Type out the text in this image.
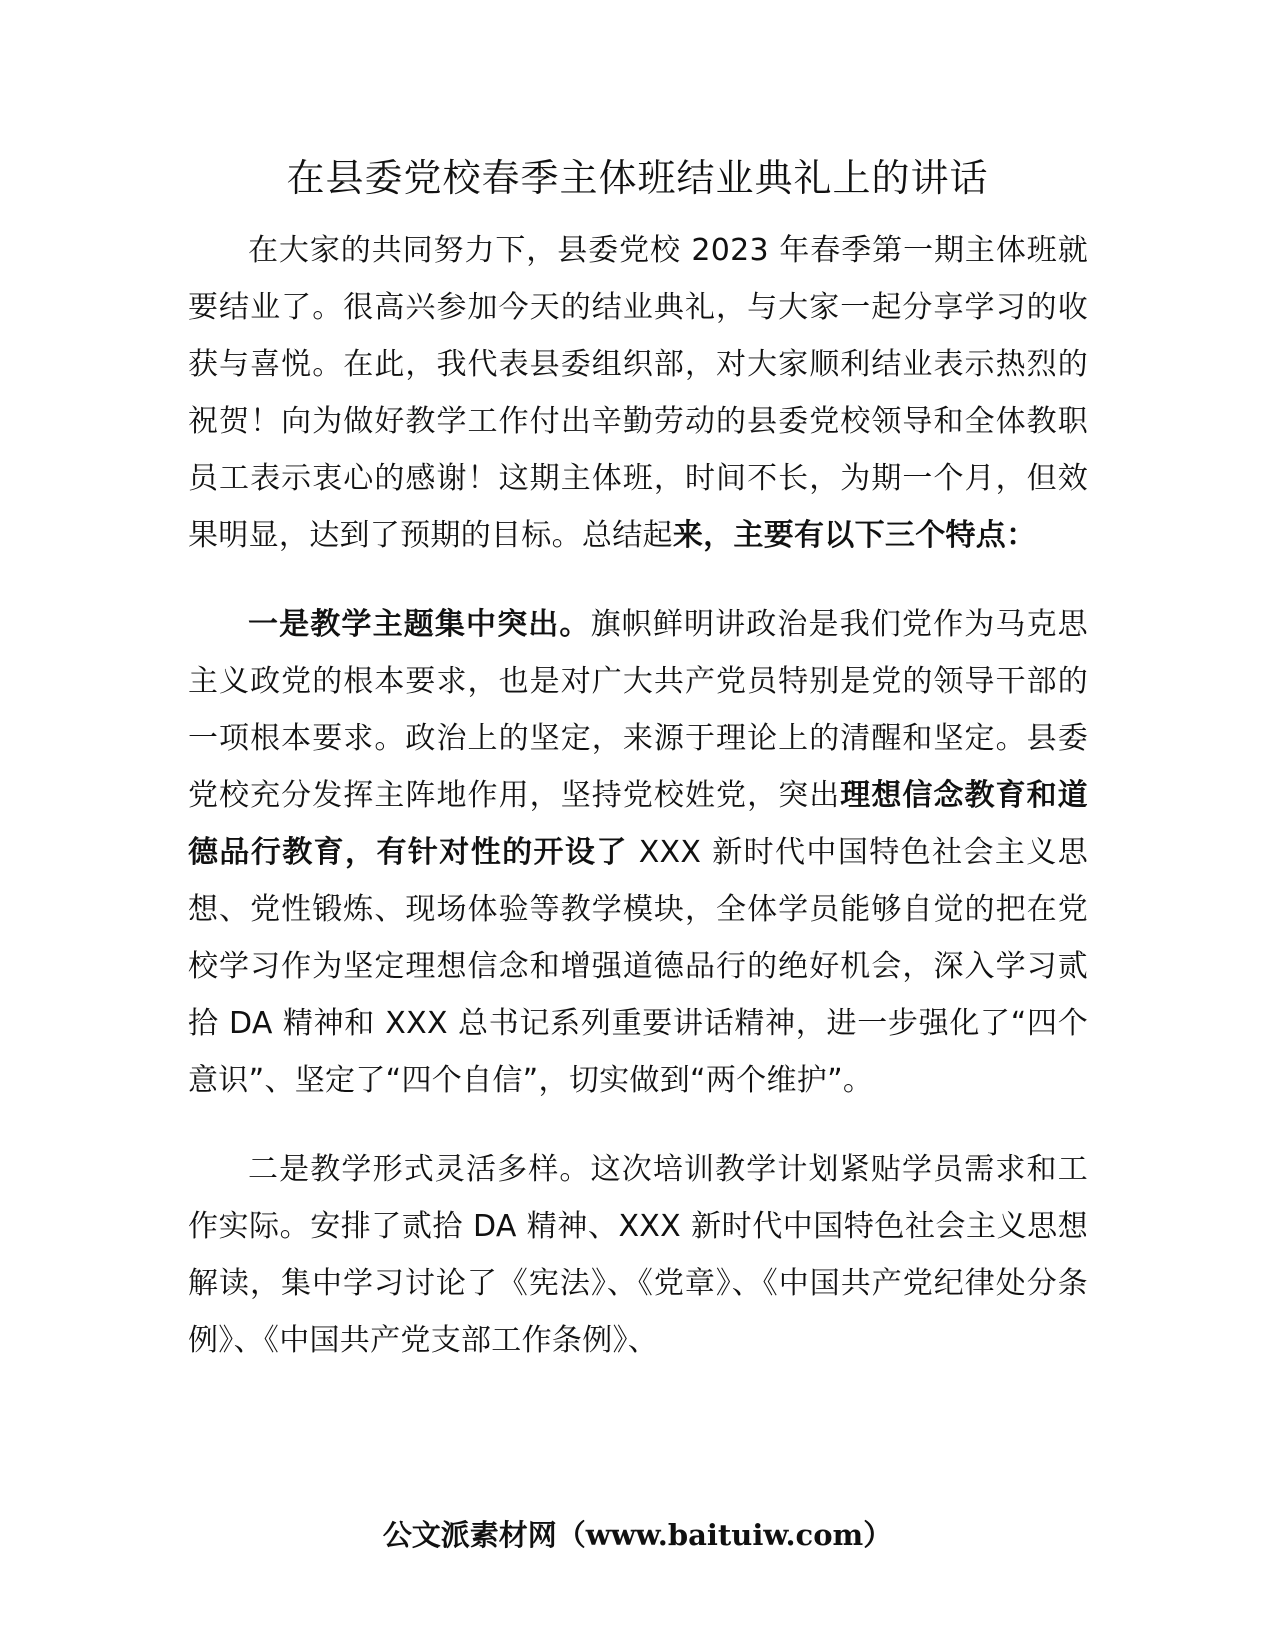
在县委党校春季主体班结业典礼上的讲话

在大家的共同努力下，县委党校 2023 年春季第一期主体班就要结业了。很高兴参加今天的结业典礼，与大家一起分享学习的收获与喜悦。在此，我代表县委组织部，对大家顺利结业表示热烈的祝贺！向为做好教学工作付出辛勤劳动的县委党校领导和全体教职员工表示衷心的感谢！这期主体班，时间不长，为期一个月，但效果明显，达到了预期的目标。总结起来，主要有以下三个特点：

一是教学主题集中突出。旗帜鲜明讲政治是我们党作为马克思主义政党的根本要求，也是对广大共产党员特别是党的领导干部的一项根本要求。政治上的坚定，来源于理论上的清醒和坚定。县委党校充分发挥主阵地作用，坚持党校姓党，突出理想信念教育和道德品行教育，有针对性的开设了 XXX 新时代中国特色社会主义思想、党性锻炼、现场体验等教学模块，全体学员能够自觉的把在党校学习作为坚定理想信念和增强道德品行的绝好机会，深入学习贰拾 DA 精神和 XXX 总书记系列重要讲话精神，进一步强化了“四个意识”、坚定了“四个自信”，切实做到“两个维护”。

二是教学形式灵活多样。这次培训教学计划紧贴学员需求和工作实际。安排了贰拾 DA 精神、XXX 新时代中国特色社会主义思想解读，集中学习讨论了《宪法》、《党章》、《中国共产党纪律处分条例》、《中国共产党支部工作条例》、

公文派素材网（www.baituiw.com）
